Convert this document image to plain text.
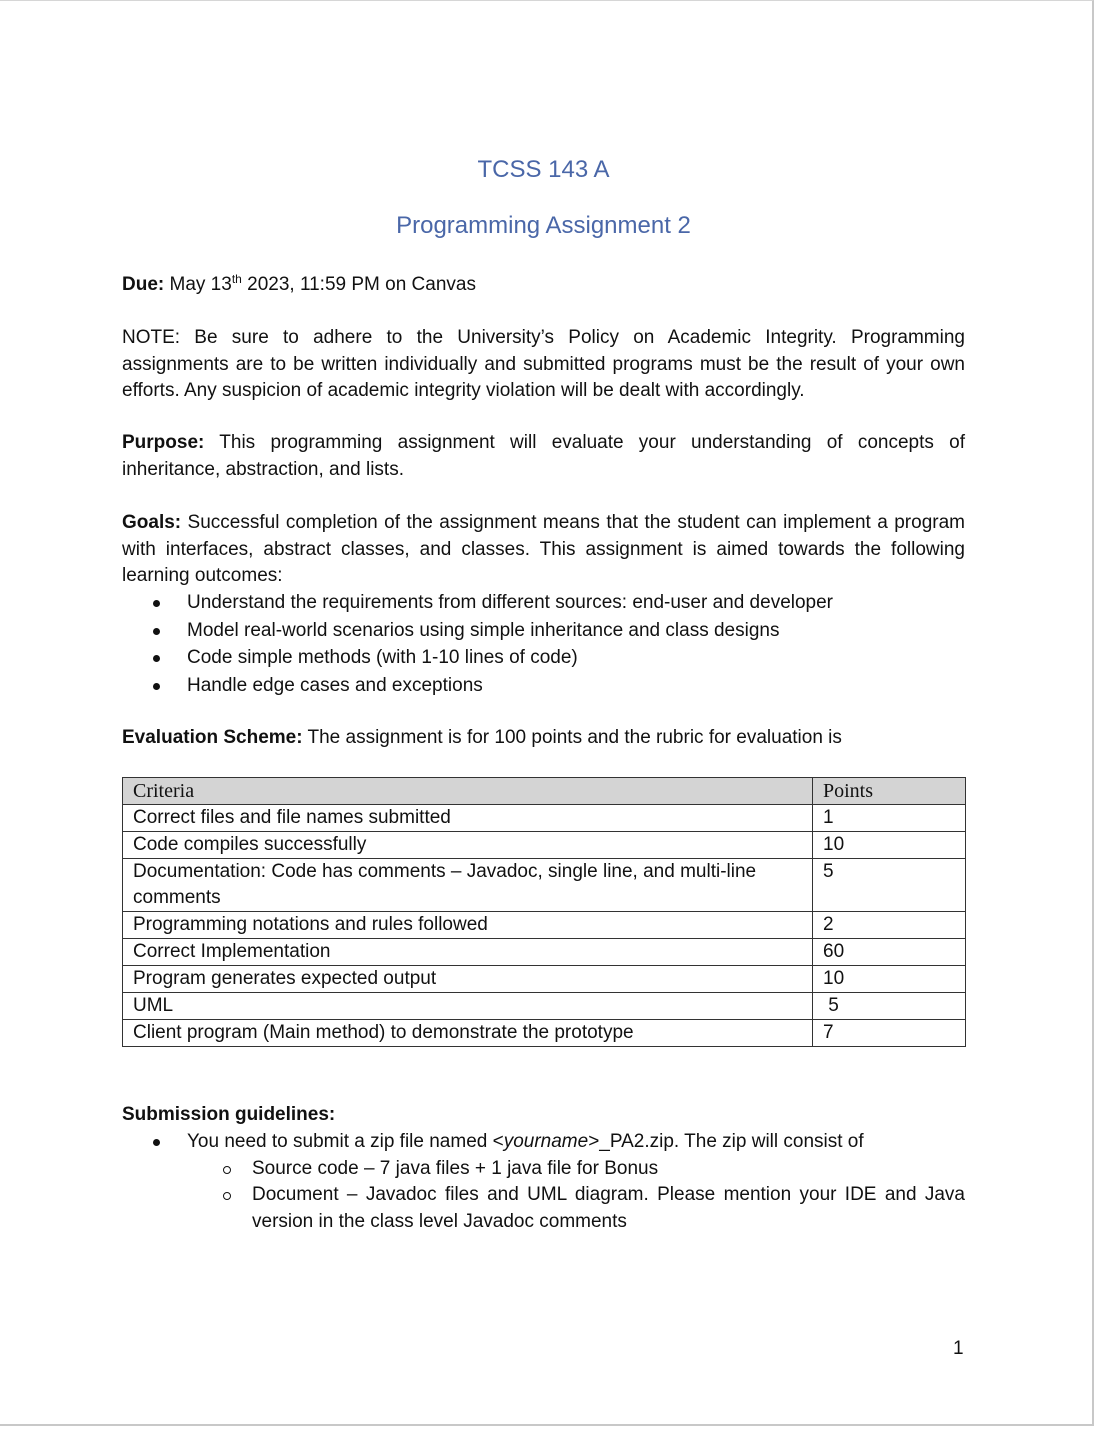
TCSS 143 A

Programming Assignment 2

Due: May 13th 2023, 11:59 PM on Canvas

NOTE: Be sure to adhere to the University’s Policy on Academic Integrity. Programming assignments are to be written individually and submitted programs must be the result of your own efforts. Any suspicion of academic integrity violation will be dealt with accordingly.

Purpose: This programming assignment will evaluate your understanding of concepts of inheritance, abstraction, and lists.

Goals: Successful completion of the assignment means that the student can implement a program with interfaces, abstract classes, and classes. This assignment is aimed towards the following learning outcomes:

Understand the requirements from different sources: end-user and developer
Model real-world scenarios using simple inheritance and class designs
Code simple methods (with 1-10 lines of code)
Handle edge cases and exceptions

Evaluation Scheme: The assignment is for 100 points and the rubric for evaluation is

Criteria	Points
Correct files and file names submitted	1
Code compiles successfully	10
Documentation: Code has comments – Javadoc, single line, and multi-line comments	5
Programming notations and rules followed	2
Correct Implementation	60
Program generates expected output	10
UML	5
Client program (Main method) to demonstrate the prototype	7

Submission guidelines:

You need to submit a zip file named <yourname>_PA2.zip. The zip will consist of
Source code – 7 java files + 1 java file for Bonus
Document – Javadoc files and UML diagram. Please mention your IDE and Java version in the class level Javadoc comments
1
